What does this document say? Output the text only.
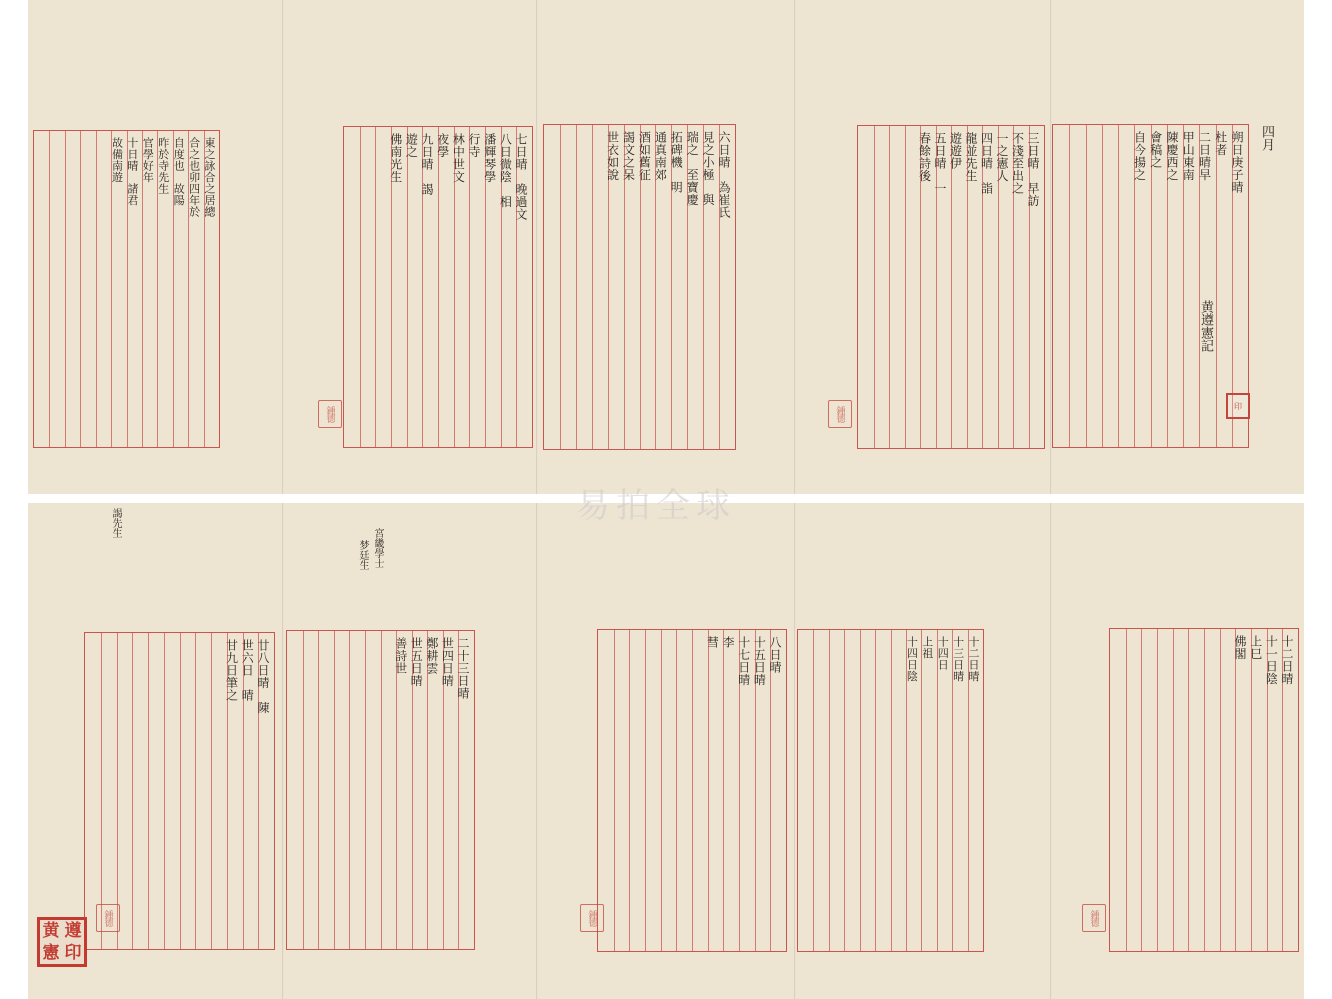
東之詠合之居總
合之也卯四年於
自度也　故陽
昨於寺先生
官學好年
十日晴　諸君
故備南遊	七日晴　晚過文
八日微陰　相
潘輝琴學
行寺
林中世文
夜學
九日晴　謁
遊之
佛南光生	六日晴　為崔氏
見之小極　與
瑞之　至寶慶
拓碑機　明
通真南郊
酒如舊征
謁文之呆
世衣如說	三日晴　早訪
不淺至出之
一之憲人
四日晴　詣
龍並先生
遊遊伊
五日晴　一
春餘詩後	朔日庚子晴
杜者
二日晴早
甲山東南
陳慶西之
會稿之
自今揚之	四月
廿八日晴　陳
世六日　晴
甘九日筆之	二十三日晴
世四日晴
鄭耕雲
世五日晴
善詩世	八日晴
十五日晴
十七日晴
李
彗	十二日晴
十三日晴
十四日
上祖
十四日陰	十二日晴
十一日陰
上巳
佛閣
黄遵憲記
印
鍾德	鍾德
鍾德	鍾德
鍾德
黄 遵
憲 印
謁先生
宮畿學士
梦廷生
易拍全球
